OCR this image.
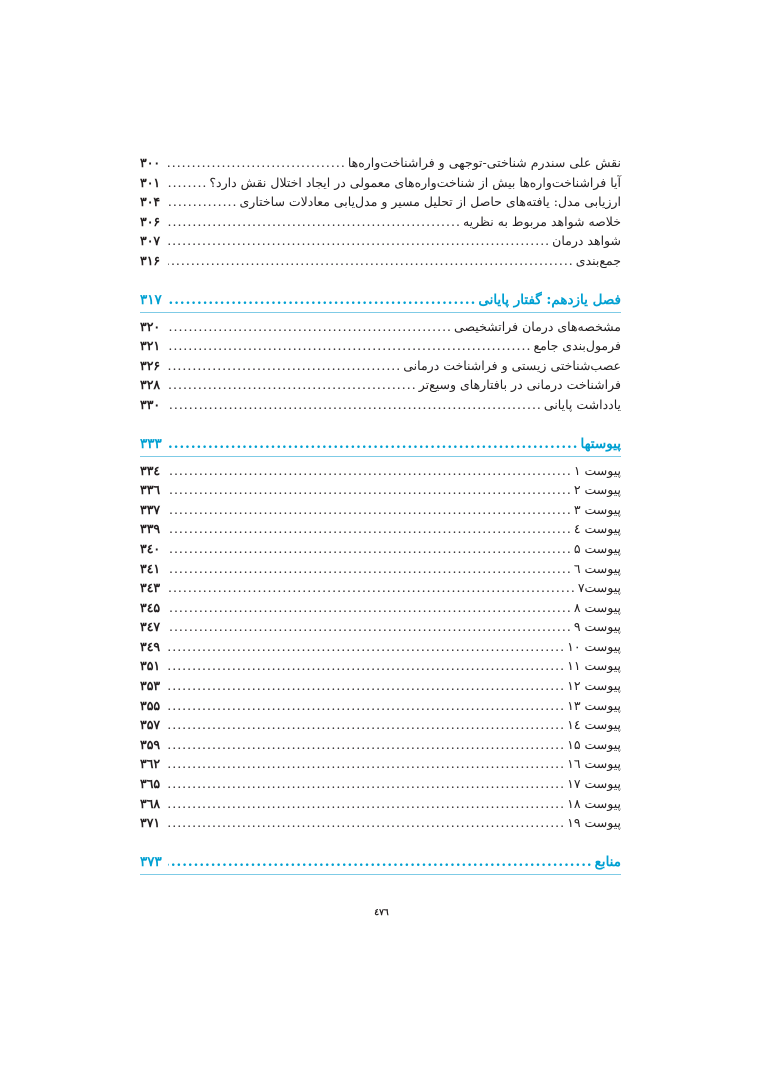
نقش علی سندرم شناختی-توجهی و فراشناخت‌واره‌ها
.....
۳۰۰
آیا فراشناخت‌واره‌ها بیش از شناخت‌واره‌های معمولی در ایجاد اختلال نقش دارد؟
.....
۳۰۱
ارزیابی مدل: یافته‌های حاصل از تحلیل مسیر و مدل‌یابی معادلات ساختاری
.....
۳۰۴
خلاصه شواهد مربوط به نظریه
.....
۳۰۶
شواهد درمان
.....
۳۰۷
جمع‌بندی
.....
۳۱۶
فصل یازدهم: گفتار پایانی
.....
۳۱۷
مشخصه‌های درمان فراتشخیصی
.....
۳۲۰
فرمول‌بندی جامع
.....
۳۲۱
عصب‌شناختی زیستی و فراشناخت درمانی
.....
۳۲۶
فراشناخت درمانی در بافتارهای وسیع‌تر
.....
۳۲۸
یادداشت پایانی
.....
۳۳۰
پیوستها
.....
۳۳۳
پیوست ۱
.....
۳۳٤
پیوست ۲
.....
۳۳٦
پیوست ۳
.....
۳۳۷
پیوست ٤
.....
۳۳۹
پیوست ۵
.....
۳٤۰
پیوست ٦
.....
۳٤۱
پیوست۷
.....
۳٤۳
پیوست ۸
.....
۳٤۵
پیوست ۹
.....
۳٤۷
پیوست ۱۰
.....
۳٤۹
پیوست ۱۱
.....
۳۵۱
پیوست ۱۲
.....
۳۵۳
پیوست ۱۳
.....
۳۵۵
پیوست ۱٤
.....
۳۵۷
پیوست ۱۵
.....
۳۵۹
پیوست ۱٦
.....
۳٦۲
پیوست ۱۷
.....
۳٦۵
پیوست ۱۸
.....
۳٦۸
پیوست ۱۹
.....
۳۷۱
منابع
.....
۳۷۳
٤۷٦
